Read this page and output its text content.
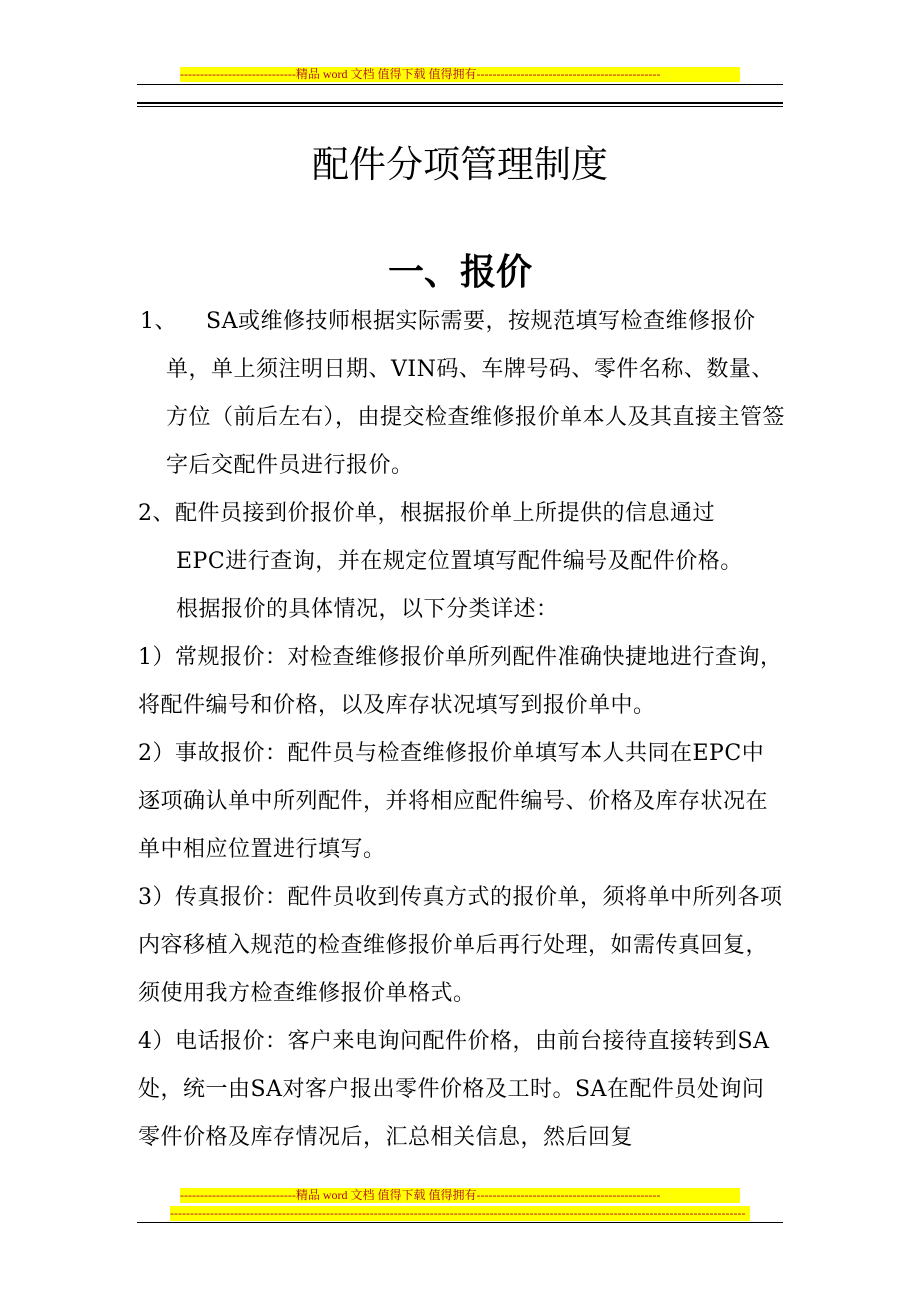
-----------------------------精品 word 文档 值得下载 值得拥有----------------------------------------------
配件分项管理制度
一、报价
1、	SA或维修技师根据实际需要，按规范填写检查维修报价单，单上须注明日期、VIN码、车牌号码、零件名称、数量、方位（前后左右），由提交检查维修报价单本人及其直接主管签字后交配件员进行报价。
2、配件员接到价报价单，根据报价单上所提供的信息通过
EPC进行查询，并在规定位置填写配件编号及配件价格。
根据报价的具体情况，以下分类详述：
1）常规报价：对检查维修报价单所列配件准确快捷地进行查询，将配件编号和价格，以及库存状况填写到报价单中。
2）事故报价：配件员与检查维修报价单填写本人共同在EPC中逐项确认单中所列配件，并将相应配件编号、价格及库存状况在单中相应位置进行填写。
3）传真报价：配件员收到传真方式的报价单，须将单中所列各项内容移植入规范的检查维修报价单后再行处理，如需传真回复，须使用我方检查维修报价单格式。
4）电话报价：客户来电询问配件价格，由前台接待直接转到SA处，统一由SA对客户报出零件价格及工时。SA在配件员处询问零件价格及库存情况后，汇总相关信息，然后回复
-----------------------------精品 word 文档 值得下载 值得拥有----------------------------------------------
------------------------------------------------------------------------------------------------------------------------------------------------
